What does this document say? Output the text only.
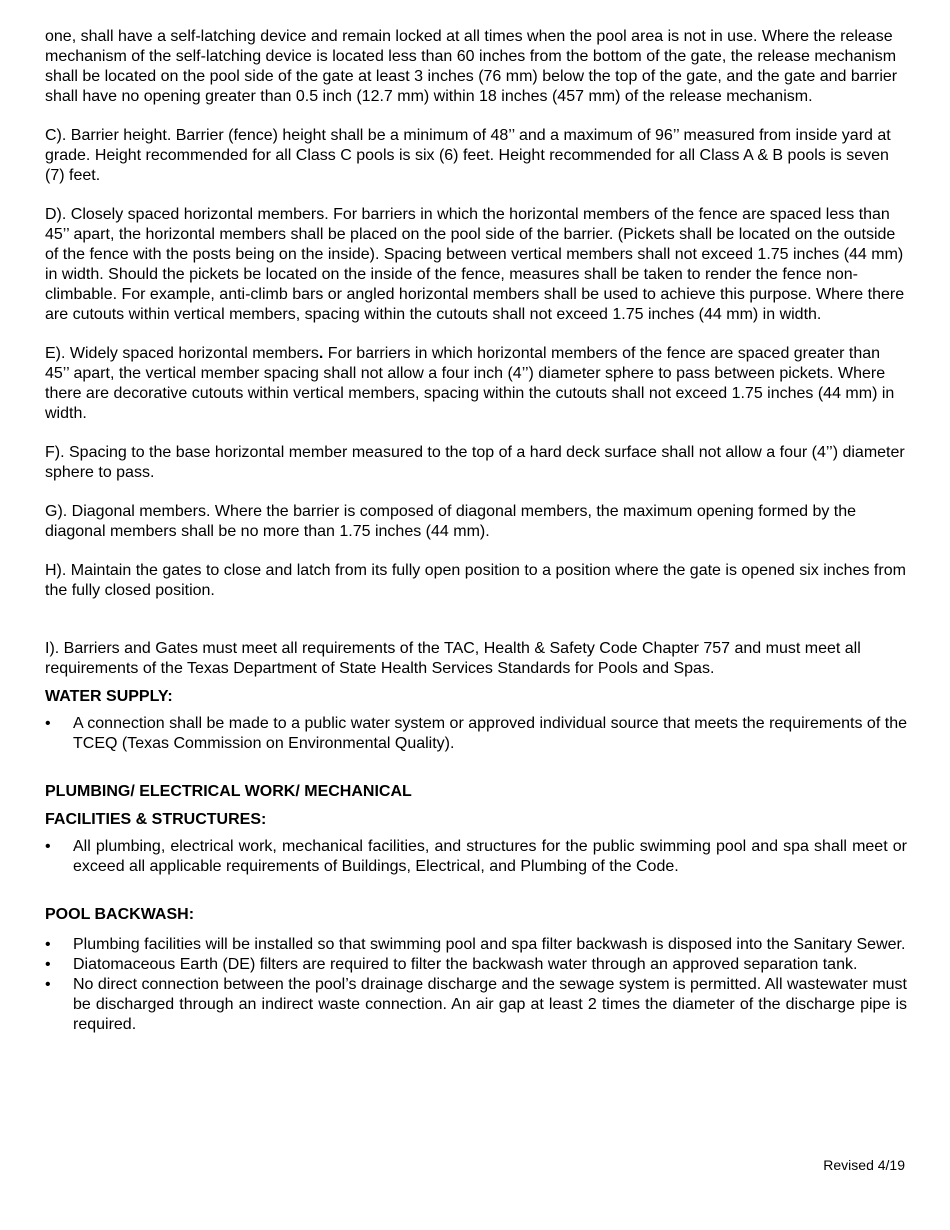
one, shall have a self-latching device and remain locked at all times when the pool area is not in use. Where the release mechanism of the self-latching device is located less than 60 inches from the bottom of the gate, the release mechanism shall be located on the pool side of the gate at least 3 inches (76 mm) below the top of the gate, and the gate and barrier shall have no opening greater than 0.5 inch (12.7 mm) within 18 inches (457 mm) of the release mechanism.

C). Barrier height. Barrier (fence) height shall be a minimum of 48’’ and a maximum of 96’’ measured from inside yard at grade. Height recommended for all Class C pools is six (6) feet. Height recommended for all Class A & B pools is seven (7) feet.

D). Closely spaced horizontal members. For barriers in which the horizontal members of the fence are spaced less than 45’’ apart, the horizontal members shall be placed on the pool side of the barrier. (Pickets shall be located on the outside of the fence with the posts being on the inside). Spacing between vertical members shall not exceed 1.75 inches (44 mm) in width. Should the pickets be located on the inside of the fence, measures shall be taken to render the fence non-climbable. For example, anti-climb bars or angled horizontal members shall be used to achieve this purpose. Where there are cutouts within vertical members, spacing within the cutouts shall not exceed 1.75 inches (44 mm) in width.

E). Widely spaced horizontal members. For barriers in which horizontal members of the fence are spaced greater than 45’’ apart, the vertical member spacing shall not allow a four inch (4’’) diameter sphere to pass between pickets. Where there are decorative cutouts within vertical members, spacing within the cutouts shall not exceed 1.75 inches (44 mm) in width.

F). Spacing to the base horizontal member measured to the top of a hard deck surface shall not allow a four (4’’) diameter sphere to pass.

G). Diagonal members. Where the barrier is composed of diagonal members, the maximum opening formed by the diagonal members shall be no more than 1.75 inches (44 mm).

H). Maintain the gates to close and latch from its fully open position to a position where the gate is opened six inches from the fully closed position.

I). Barriers and Gates must meet all requirements of the TAC, Health & Safety Code Chapter 757 and must meet all requirements of the Texas Department of State Health Services Standards for Pools and Spas.

WATER SUPPLY:
•	A connection shall be made to a public water system or approved individual source that meets the requirements of the TCEQ (Texas Commission on Environmental Quality).
PLUMBING/ ELECTRICAL WORK/ MECHANICAL
FACILITIES & STRUCTURES:
•	All plumbing, electrical work, mechanical facilities, and structures for the public swimming pool and spa shall meet or exceed all applicable requirements of Buildings, Electrical, and Plumbing of the Code.
POOL BACKWASH:
•	Plumbing facilities will be installed so that swimming pool and spa filter backwash is disposed into the Sanitary Sewer.
•	Diatomaceous Earth (DE) filters are required to filter the backwash water through an approved separation tank.
•	No direct connection between the pool’s drainage discharge and the sewage system is permitted. All wastewater must be discharged through an indirect waste connection. An air gap at least 2 times the diameter of the discharge pipe is required.
Revised 4/19
